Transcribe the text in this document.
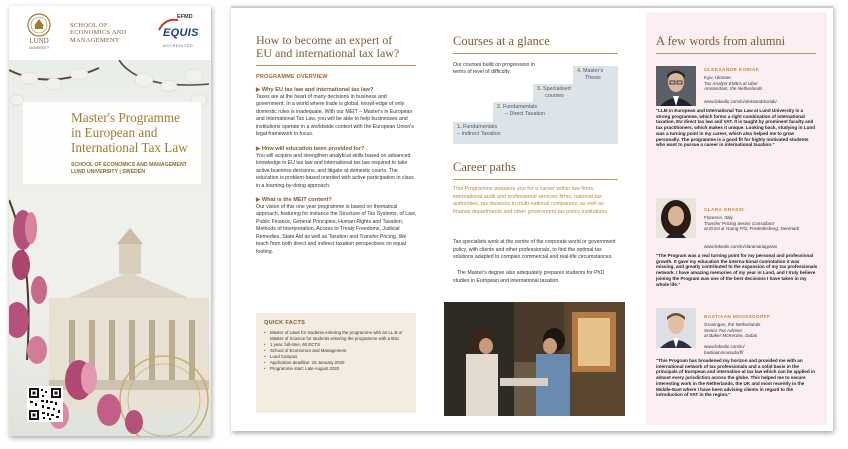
LUND
UNIVERSITY
SCHOOL OF
ECONOMICS AND
MANAGEMENT
EFMD
EQUIS
ACCREDITED
Master's Programme
in European and
International Tax Law
SCHOOL OF ECONOMICS AND MANAGEMENT
LUND UNIVERSITY | SWEDEN
How to become an expert of
EU and international tax law?
PROGRAMME OVERVIEW
▶ Why EU tax law and international tax law?
Taxes are at the heart of many decisions in business and government. In a world where trade is global, knowl-edge of only domestic rules is inadequate. With our MEIT – Master's in European and International Tax Law, you will be able to help businesses and institutions operate in a worldwide context with the European Union's legal framework in focus.
▶ How will education been provided for?
You will acquire and strengthen analytical skills based on advanced knowledge in EU tax law and international tax law required to take active business decisions, and litigate at domestic courts. The education is problem-based oriented with active participation in class in a learning-by-doing approach.
▶ What is the MEIT content?
Our vision of this one year programme is based on thematical approach, featuring for instance the Structure of Tax Systems, of Law, Public Finance, General Principles, Human Rights and Taxation, Methods of Interpretation, Access to Treaty Freedoms, Judicial Remedies, State Aid as well as Taxation and Transfer Pricing. We teach from both direct and indirect taxation perspectives on equal footing.
QUICK FACTS
• Master of Laws for students entering the programme with an LL.B or Master of Science for students entering the programme with a BSc
• 1 year, full-time, 60 ECTS
• School of Economics and Management
• Lund Campus
• Application deadline: 15 January 2020
• Programme start: Late August 2020
Courses at a glance
Our courses build on progression in terms of level of difficulty.
1. Fundamentals
– Indirect Taxation
2. Fundamentals
– Direct Taxation
3. Specialised
courses
4. Master's
Thesis
Career paths
This Programme prepares you for a career within law firms, international audit and professional services firms, national tax authorities, tax divisions in multi-national companies, as well as finance departments and other government tax policy institutions.
Tax specialists work at the centre of the corporate world or government policy, with clients and other professionals, to find the optimal tax solutions adapted to complex commercial and real-life circumstances.
The Master's degree also adequately prepares students for PhD studies in European and international taxation.
A few words from alumni
OLEKSANDR KORIAK
Kyiv, Ukraine
Tax Analyst EMEA at Uber
Amsterdam, the Netherlands
www.linkedin.com/in/oleksandrkoriak/
"LLM in European and International Tax Law at Lund University is a strong programme, which forms a right combination of international taxation, EU direct tax law and VAT. It is taught by prominent faculty and tax practitioners, which makes it unique. Looking back, studying in Lund was a turning point in my career, which also helped me to grow personally. The programme is a good fit for highly motivated students who want to pursue a career in international taxation."
CLARA GRASSI
Florence, Italy
Transfer Pricing Senior Consultant
at Ernst & Young P/S, Frederiksberg, Denmark
www.linkedin.com/in/claramariagrassi
"The Program was a real turning point for my personal and professional growth. It gave my education the interna-tional connotation it was missing, and greatly contributed to the expansion of my tax professionals network. I have amazing memories of my year in Lund, and I truly believe joining the Program was one of the best decisions I have taken in my whole life."
BASTIAAN MOOSSDORFF
Groningen, the Netherlands
Senior Tax Adviser
at Baker McKenzie, Dubai
www.linkedin.com/in/ bastiaanmoossdorff/
"This Program has broadened my horizon and provided me with an international network of tax professionals and a solid basis in the principals of European and internation-al tax law which can be applied in almost every jurisdiction across the globe. This helped me to secure interesting work in the Netherlands, the UK and most recently in the Middle-East where I have been advising clients in regard to the introduction of VAT in the region."
